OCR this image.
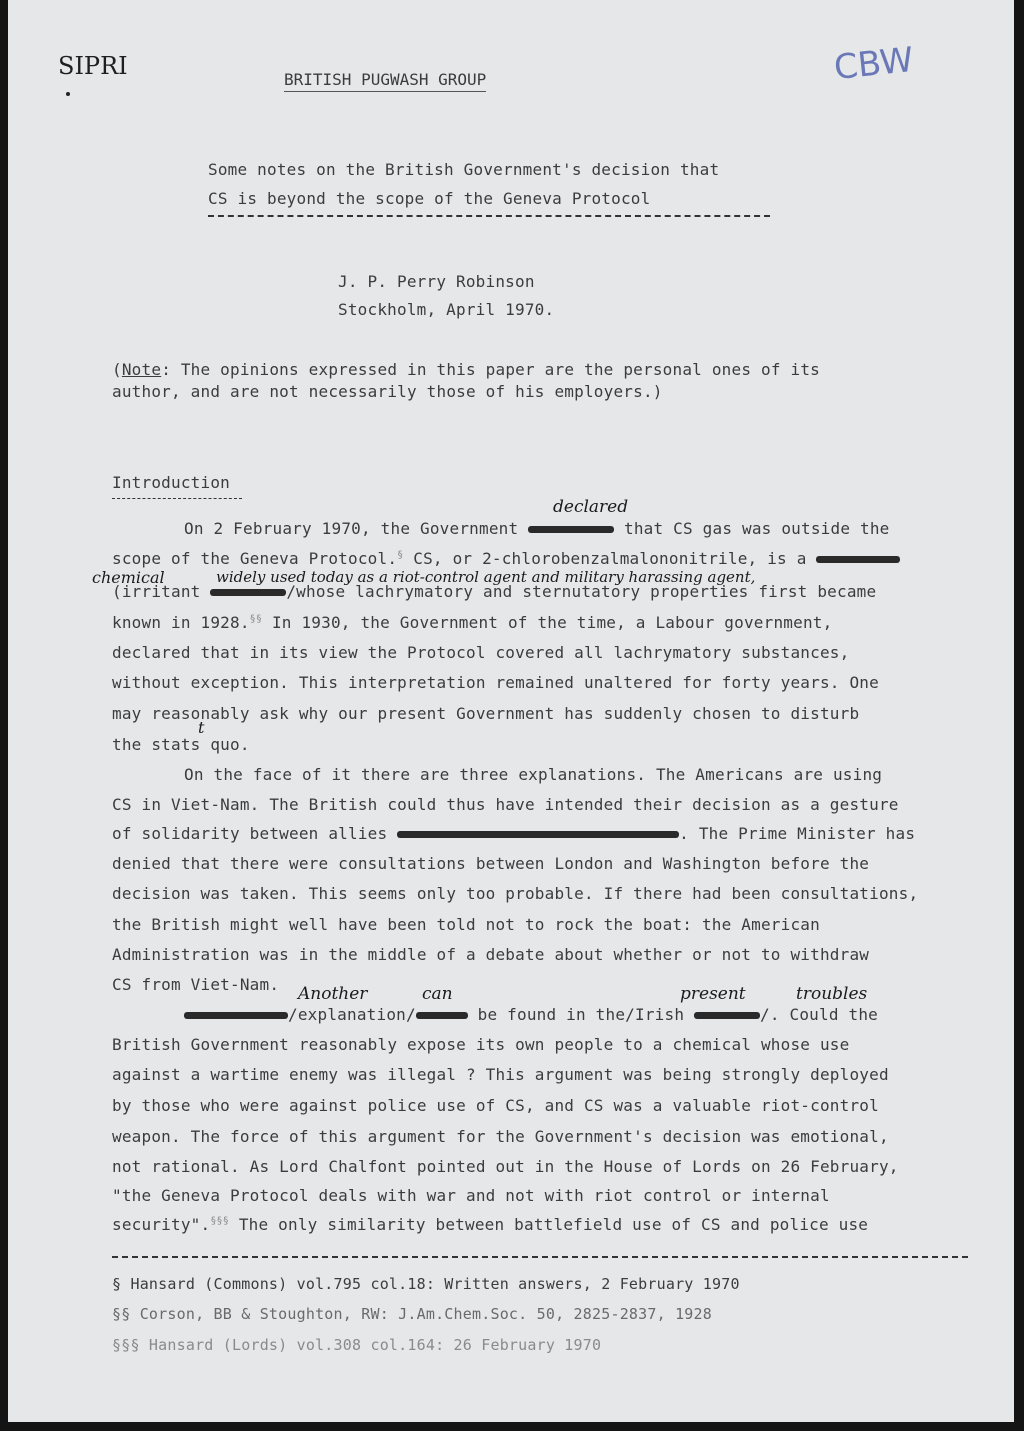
SIPRI	BRITISH PUGWASH GROUP	CBW
Some notes on the British Government's decision that
CS is beyond the scope of the Geneva Protocol
J. P. Perry Robinson
Stockholm, April 1970.
(Note: The opinions expressed in this paper are the personal ones of its
author, and are not necessarily those of his employers.)
Introduction
declared
chemical	widely used today as a riot-control agent and military harassing agent,
t
Another	can	present	troubles
On 2 February 1970, the Government	that CS gas was outside the
scope of the Geneva Protocol.§ CS, or 2-chlorobenzalmalononitrile, is a
(irritant	/whose lachrymatory and sternutatory properties first became
known in 1928.§§ In 1930, the Government of the time, a Labour government,
declared that in its view the Protocol covered all lachrymatory substances,
without exception. This interpretation remained unaltered for forty years. One
may reasonably ask why our present Government has suddenly chosen to disturb
the stats quo.
On the face of it there are three explanations. The Americans are using
CS in Viet-Nam. The British could thus have intended their decision as a gesture
of solidarity between allies	. The Prime Minister has
denied that there were consultations between London and Washington before the
decision was taken. This seems only too probable. If there had been consultations,
the British might well have been told not to rock the boat: the American
Administration was in the middle of a debate about whether or not to withdraw
CS from Viet-Nam.
/explanation/	be found in the/Irish	/. Could the
British Government reasonably expose its own people to a chemical whose use
against a wartime enemy was illegal ? This argument was being strongly deployed
by those who were against police use of CS, and CS was a valuable riot-control
weapon. The force of this argument for the Government's decision was emotional,
not rational. As Lord Chalfont pointed out in the House of Lords on 26 February,
"the Geneva Protocol deals with war and not with riot control or internal
security".§§§ The only similarity between battlefield use of CS and police use
§ Hansard (Commons) vol.795 col.18: Written answers, 2 February 1970
§§ Corson, BB & Stoughton, RW: J.Am.Chem.Soc. 50, 2825-2837, 1928
§§§ Hansard (Lords) vol.308 col.164: 26 February 1970
